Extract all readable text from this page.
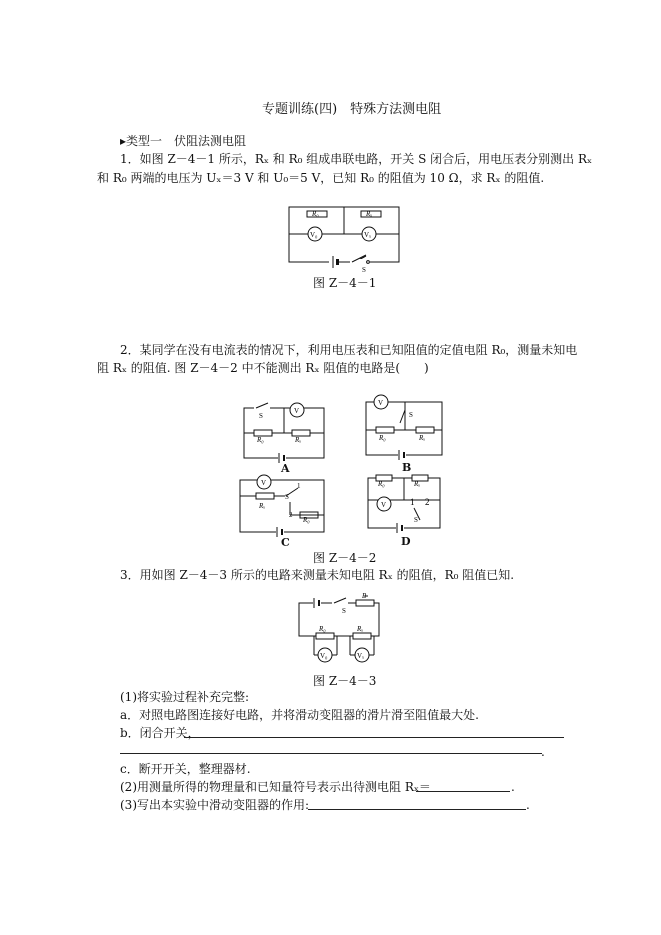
专题训练(四)　特殊方法测电阻
▸类型一　伏阻法测电阻
1．如图 Z－4－1 所示，Rₓ 和 R₀ 组成串联电路，开关 S 闭合后，用电压表分别测出 Rₓ
和 R₀ 两端的电压为 Uₓ＝3 V 和 U₀＝5 V，已知 R₀ 的阻值为 10 Ω，求 Rₓ 的阻值.
R₀	Rₓ
V₀	Vₓ
S
图 Z－4－1
2．某同学在没有电流表的情况下，利用电压表和已知阻值的定值电阻 R₀，测量未知电
阻 Rₓ 的阻值. 图 Z－4－2 中不能测出 Rₓ 阻值的电路是(　　)
V
S
R₀	Rₓ
V
S
R₀	Rₓ
V
S
1
2
Rₓ
R₀
R₀	Rₓ
V	1 2
S
A	B
C	D
图 Z－4－2
3．用如图 Z－4－3 所示的电路来测量未知电阻 Rₓ 的阻值，R₀ 阻值已知.
S
P
R₀	Rₓ
V₀	Vₓ
图 Z－4－3
(1)将实验过程补充完整:
a．对照电路图连接好电路，并将滑动变阻器的滑片滑至阻值最大处.
b．闭合开关，
.
c．断开开关，整理器材.
(2)用测量所得的物理量和已知量符号表示出待测电阻 Rₓ＝	.
(3)写出本实验中滑动变阻器的作用:	.
